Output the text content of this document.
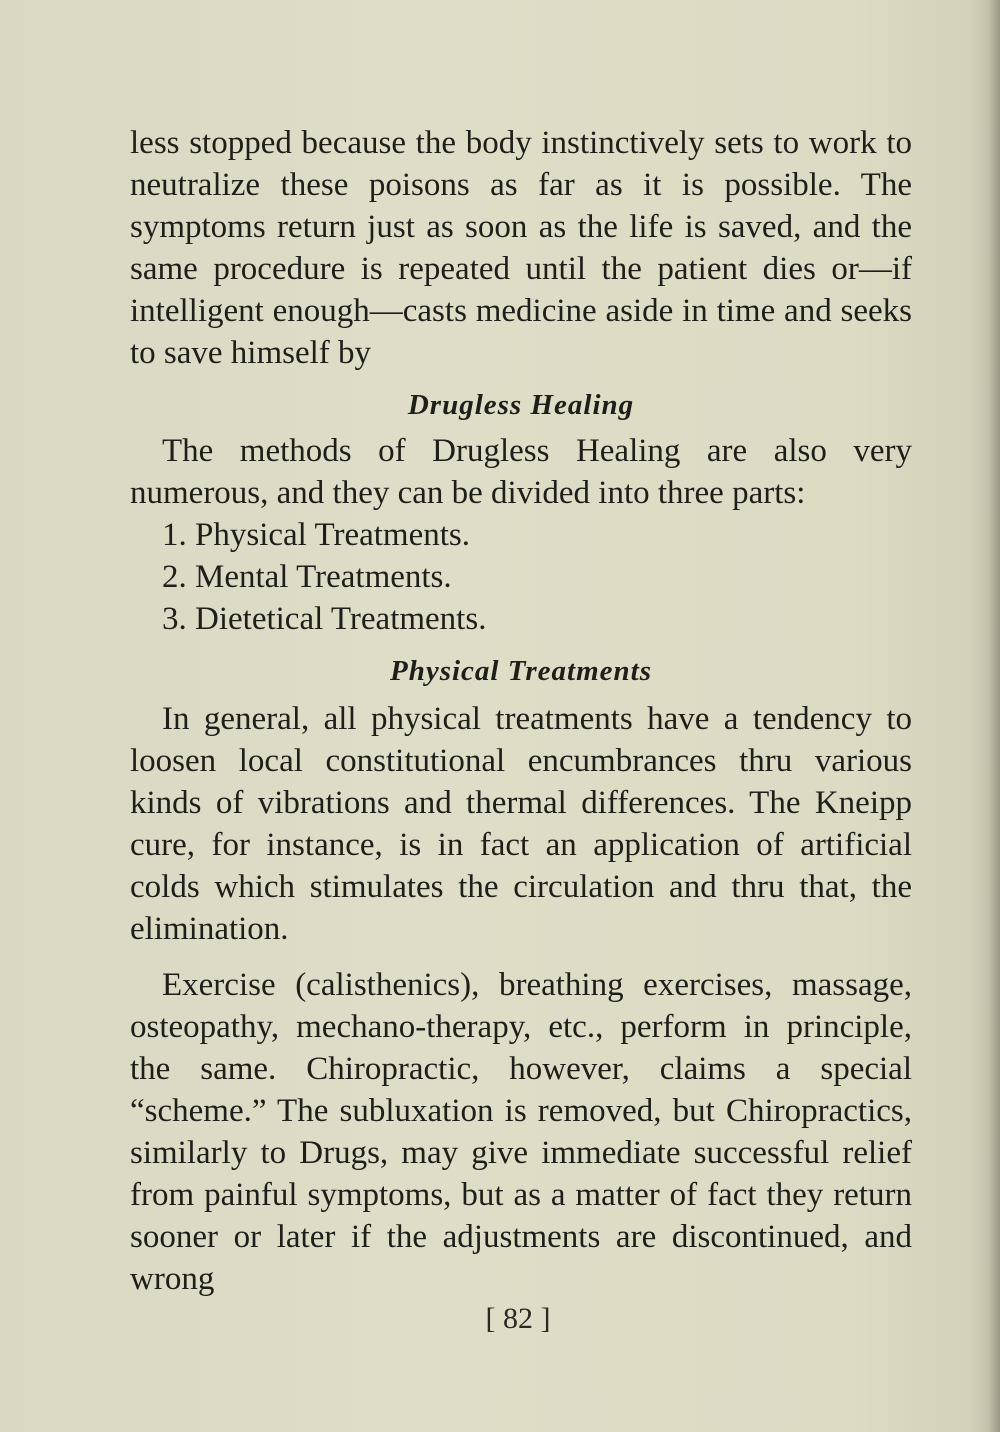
less stopped because the body instinctively sets to work to neutralize these poisons as far as it is possible. The symptoms return just as soon as the life is saved, and the same procedure is repeated until the patient dies or—if intelligent enough—casts medicine aside in time and seeks to save himself by

Drugless Healing

The methods of Drugless Healing are also very numerous, and they can be divided into three parts:

1. Physical Treatments.
2. Mental Treatments.
3. Dietetical Treatments.
Physical Treatments

In general, all physical treatments have a tendency to loosen local constitutional encumbrances thru various kinds of vibrations and thermal differences. The Kneipp cure, for instance, is in fact an application of artificial colds which stimulates the circulation and thru that, the elimination.

Exercise (calisthenics), breathing exercises, massage, osteopathy, mechano-therapy, etc., perform in principle, the same. Chiropractic, however, claims a special “scheme.” The subluxation is removed, but Chiropractics, similarly to Drugs, may give immediate successful relief from painful symptoms, but as a matter of fact they return sooner or later if the adjustments are discontinued, and wrong

[ 82 ]
